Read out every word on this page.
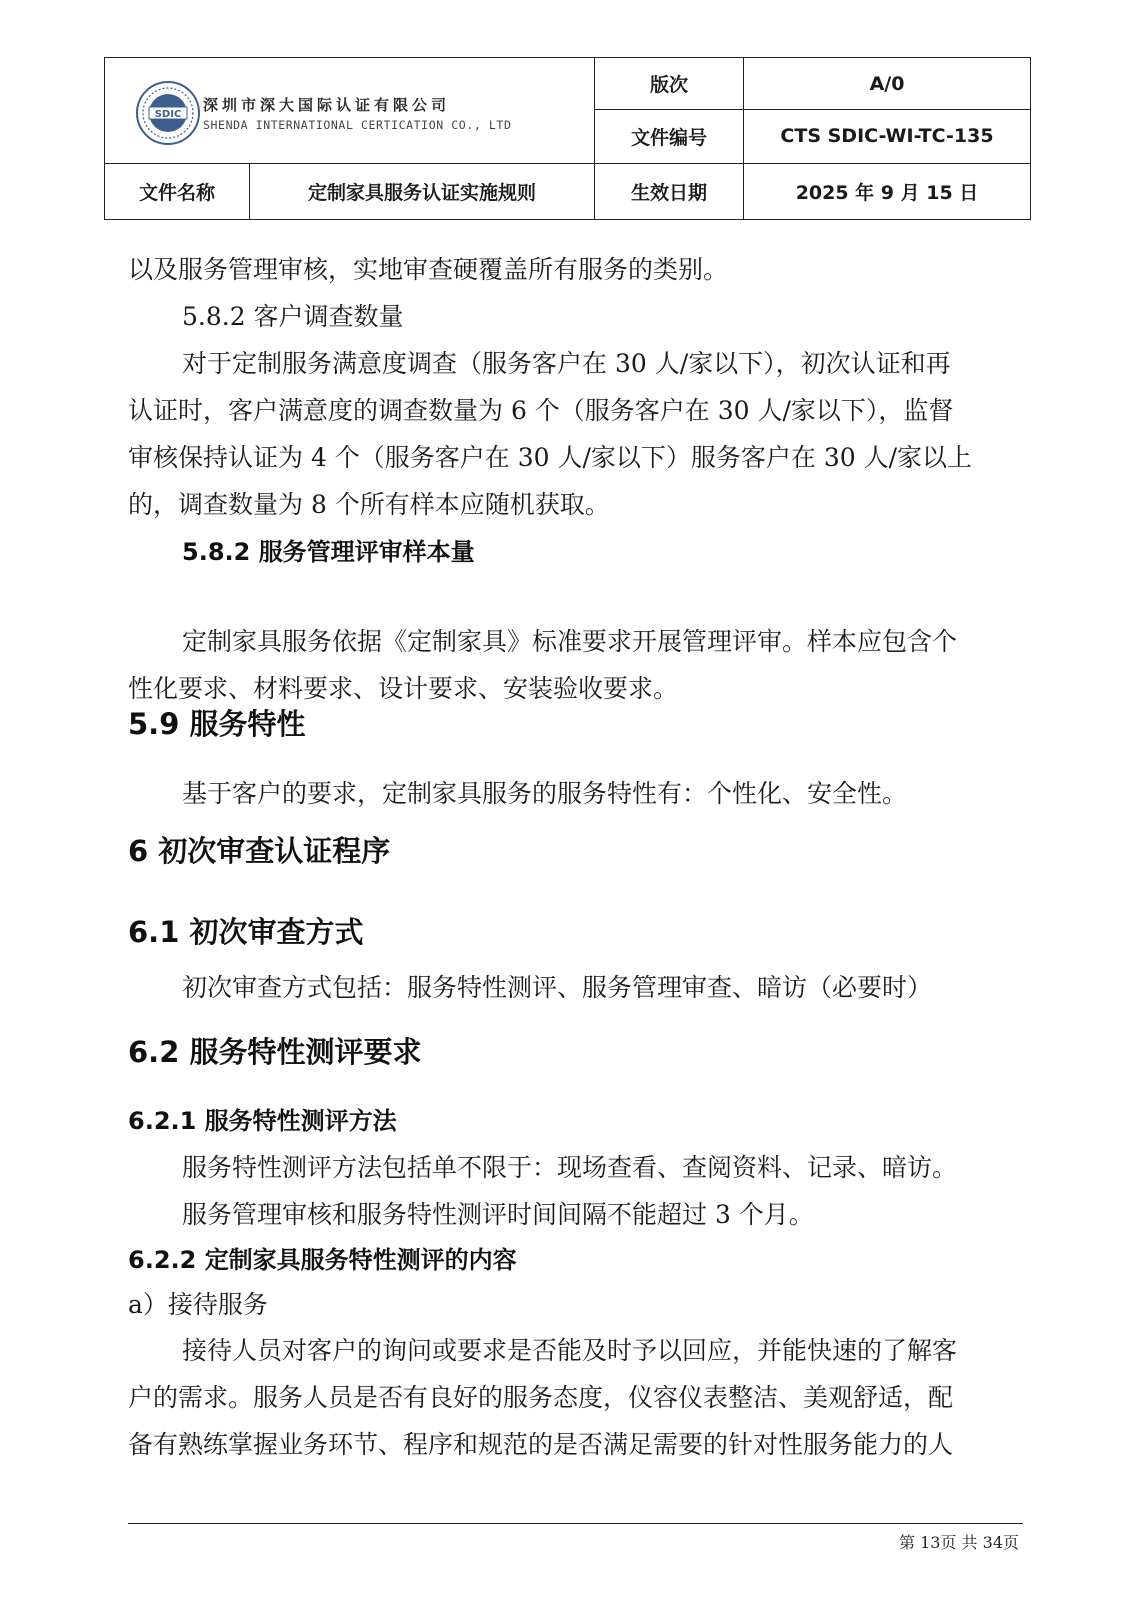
SDIC
深圳市深大国际认证有限公司
SHENDA INTERNATIONAL CERTICATION CO., LTD		版次	A/0
		文件编号	CTS SDIC-WI-TC-135
文件名称	定制家具服务认证实施规则	生效日期	2025 年 9 月 15 日
以及服务管理审核，实地审查硬覆盖所有服务的类别。
5.8.2 客户调查数量
对于定制服务满意度调查（服务客户在 30 人/家以下），初次认证和再
认证时，客户满意度的调查数量为 6 个（服务客户在 30 人/家以下），监督
审核保持认证为 4 个（服务客户在 30 人/家以下）服务客户在 30 人/家以上
的，调查数量为 8 个所有样本应随机获取。
5.8.2 服务管理评审样本量
定制家具服务依据《定制家具》标准要求开展管理评审。样本应包含个
性化要求、材料要求、设计要求、安装验收要求。
5.9 服务特性
基于客户的要求，定制家具服务的服务特性有：个性化、安全性。
6 初次审查认证程序
6.1 初次审查方式
初次审查方式包括：服务特性测评、服务管理审查、暗访（必要时）
6.2 服务特性测评要求
6.2.1 服务特性测评方法
服务特性测评方法包括单不限于：现场查看、查阅资料、记录、暗访。
服务管理审核和服务特性测评时间间隔不能超过 3 个月。
6.2.2 定制家具服务特性测评的内容
a）接待服务
接待人员对客户的询问或要求是否能及时予以回应，并能快速的了解客
户的需求。服务人员是否有良好的服务态度，仪容仪表整洁、美观舒适，配
备有熟练掌握业务环节、程序和规范的是否满足需要的针对性服务能力的人
第 13页 共 34页
